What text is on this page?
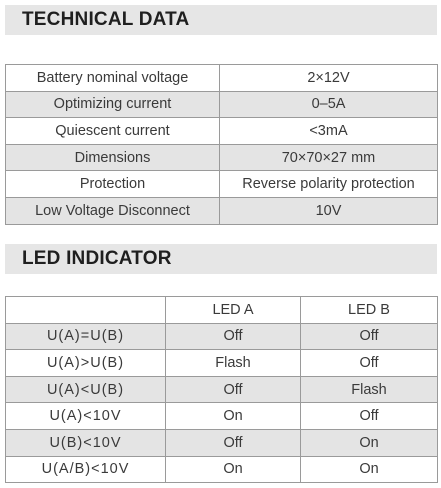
TECHNICAL DATA
Battery nominal voltage	2×12V
Optimizing current	0–5A
Quiescent current	<3mA
Dimensions	70×70×27 mm
Protection	Reverse polarity protection
Low Voltage Disconnect	10V
LED INDICATOR
	LED A	LED B
U(A)=U(B)	Off	Off
U(A)>U(B)	Flash	Off
U(A)<U(B)	Off	Flash
U(A)<10V	On	Off
U(B)<10V	Off	On
U(A/B)<10V	On	On
